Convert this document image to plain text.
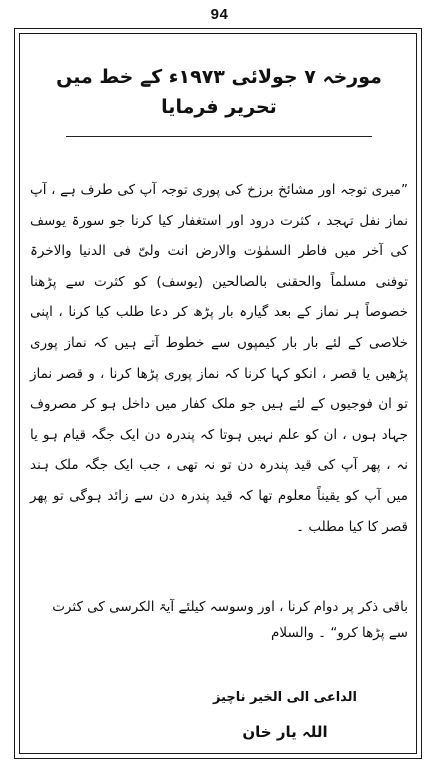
94
مورخہ ۷ جولائی ۱۹۷۳ء کے خط میں تحریر فرمایا
”میری توجہ اور مشائخ برزخ کی پوری توجہ آپ کی طرف ہے ، آپ نماز نفل تہجد ، کثرت درود اور استغفار کیا کرنا جو سورۃ یوسف کی آخر میں فاطر السمٰوٰت والارض انت ولیّ فی الدنیا والاخرۃ توفنی مسلماً والحقنی بالصالحین (یوسف) کو کثرت سے پڑھنا خصوصاً ہر نماز کے بعد گیارہ بار پڑھ کر دعا طلب کیا کرنا ، اپنی خلاصی کے لئے بار بار کیمپوں سے خطوط آتے ہیں کہ نماز پوری پڑھیں یا قصر ، انکو کہا کرنا کہ نماز پوری پڑھا کرنا ، و قصر نماز تو ان فوجیوں کے لئے ہیں جو ملک کفار میں داخل ہو کر مصروف جہاد ہوں ، ان کو علم نہیں ہوتا کہ پندرہ دن ایک جگہ قیام ہو یا نہ ، پھر آپ کی قید پندرہ دن تو نہ تھی ، جب ایک جگہ ملک ہند میں آپ کو یقیناً معلوم تھا کہ قید پندرہ دن سے زائد ہوگی تو پھر قصر کا کیا مطلب ۔
باقی ذکر پر دوام کرنا ، اور وسوسہ کیلئے آیۃ الکرسی کی کثرت سے پڑھا کرو“ ۔ والسلام
الداعی الی الخیر ناچیز
اللہ یار خان
